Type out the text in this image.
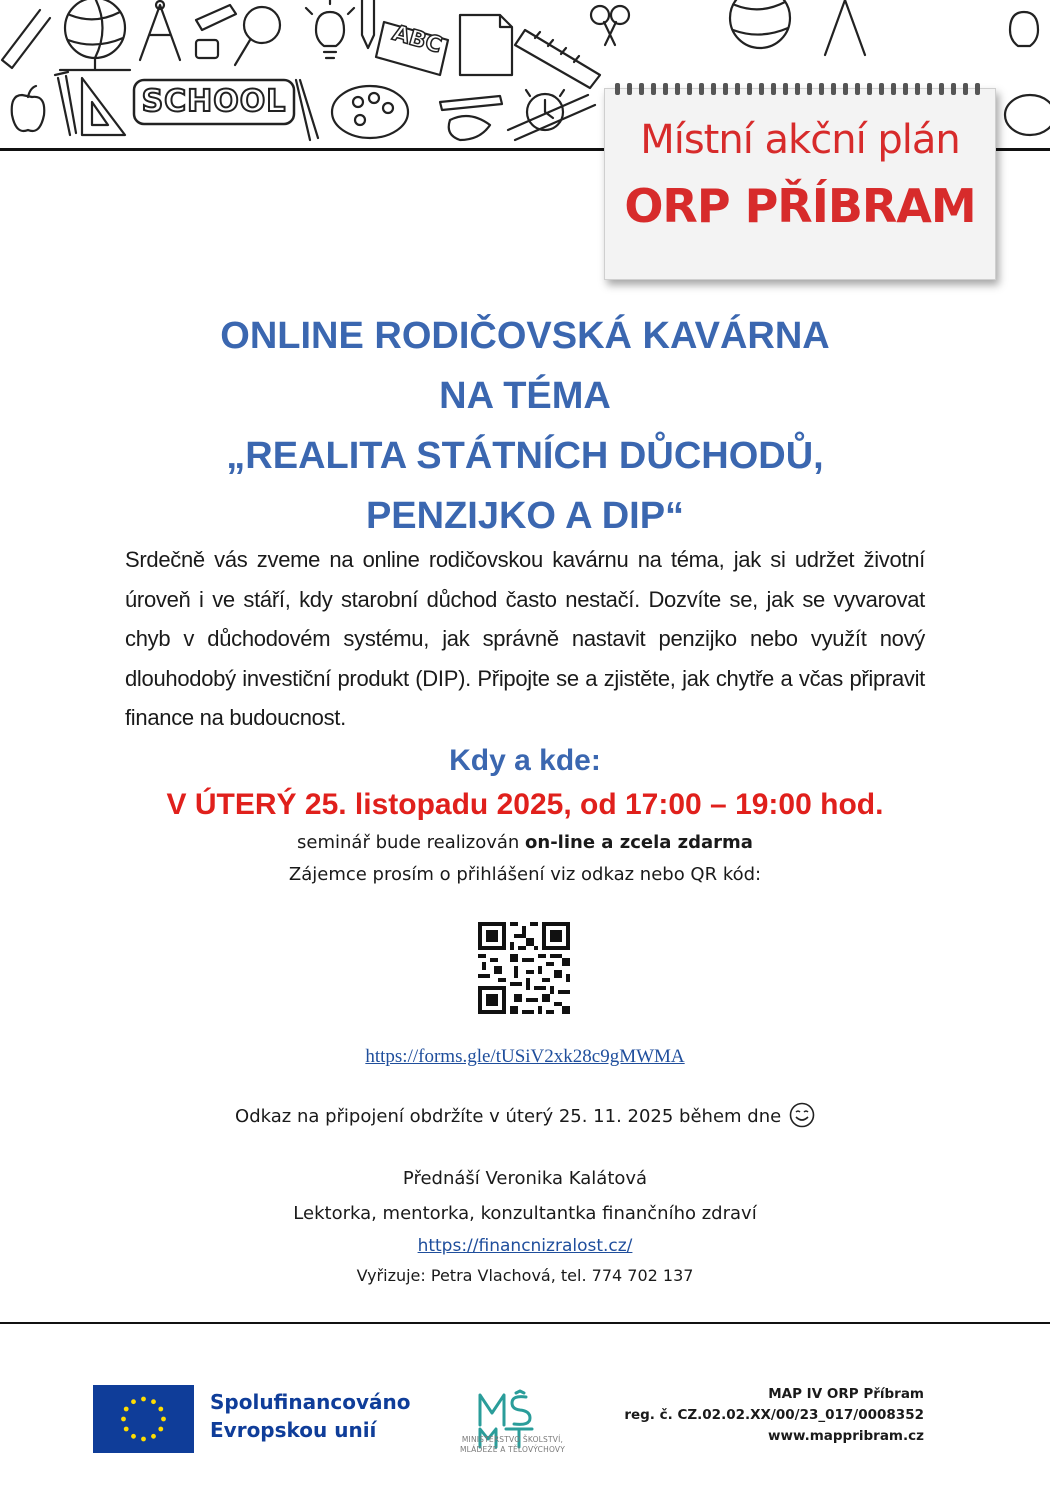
SCHOOL
ABC
Místní akční plán
ORP PŘÍBRAM
ONLINE RODIČOVSKÁ KAVÁRNA
NA TÉMA
„REALITA STÁTNÍCH DŮCHODŮ,
PENZIJKO A DIP“

Srdečně vás zveme na online rodičovskou kavárnu na téma, jak si udržet životní úroveň i ve stáří, kdy starobní důchod často nestačí. Dozvíte se, jak se vyvarovat chyb v důchodovém systému, jak správně nastavit penzijko nebo využít nový dlouhodobý investiční produkt (DIP). Připojte se a zjistěte, jak chytře a včas připravit finance na budoucnost.

Kdy a kde:
V ÚTERÝ 25. listopadu 2025, od 17:00 – 19:00 hod.
seminář bude realizován on-line a zcela zdarma
Zájemce prosím o přihlášení viz odkaz nebo QR kód:
https://forms.gle/tUSiV2xk28c9gMWMA
Odkaz na připojení obdržíte v úterý 25. 11. 2025 během dne
Přednáší Veronika Kalátová
Lektorka, mentorka, konzultantka finančního zdraví
https://financnizralost.cz/
Vyřizuje: Petra Vlachová, tel. 774 702 137
Spolufinancováno
Evropskou unií	MINISTERSTVO ŠKOLSTVÍ,
MLÁDEŽE A TĚLOVÝCHOVY
MAP IV ORP Příbram
reg. č. CZ.02.02.XX/00/23_017/0008352
www.mappribram.cz
